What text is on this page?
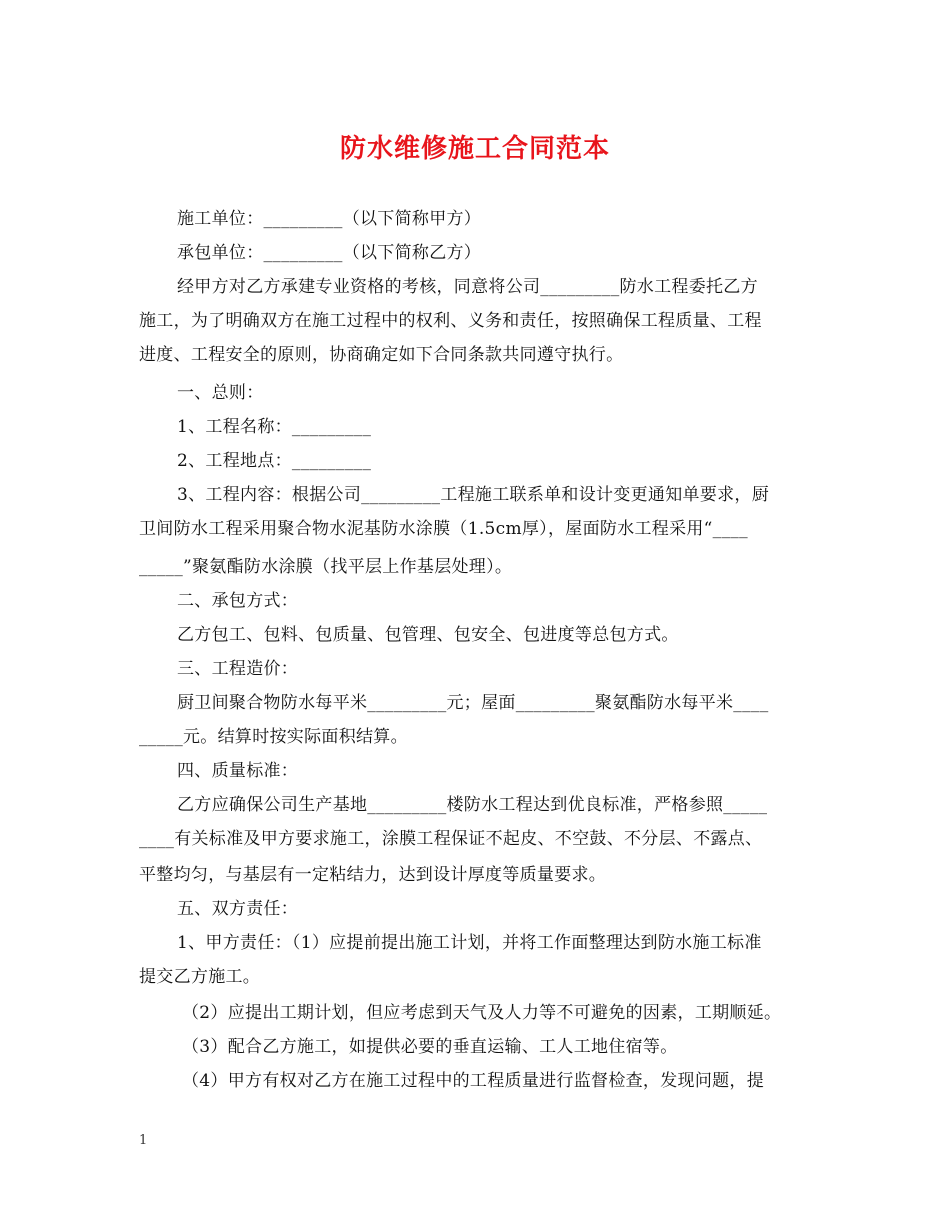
防水维修施工合同范本
施工单位：_________（以下简称甲方）
承包单位：_________（以下简称乙方）
经甲方对乙方承建专业资格的考核，同意将公司_________防水工程委托乙方
施工，为了明确双方在施工过程中的权利、义务和责任，按照确保工程质量、工程
进度、工程安全的原则，协商确定如下合同条款共同遵守执行。
一、总则：
1、工程名称：_________
2、工程地点：_________
3、工程内容：根据公司_________工程施工联系单和设计变更通知单要求，厨
卫间防水工程采用聚合物水泥基防水涂膜（1.5cm厚），屋面防水工程采用“____
_____”聚氨酯防水涂膜（找平层上作基层处理）。
二、承包方式：
乙方包工、包料、包质量、包管理、包安全、包进度等总包方式。
三、工程造价：
厨卫间聚合物防水每平米_________元；屋面_________聚氨酯防水每平米____
_____元。结算时按实际面积结算。
四、质量标准：
乙方应确保公司生产基地_________楼防水工程达到优良标准，严格参照_____
____有关标准及甲方要求施工，涂膜工程保证不起皮、不空鼓、不分层、不露点、
平整均匀，与基层有一定粘结力，达到设计厚度等质量要求。
五、双方责任：
1、甲方责任：（1）应提前提出施工计划，并将工作面整理达到防水施工标准
提交乙方施工。
（2）应提出工期计划，但应考虑到天气及人力等不可避免的因素，工期顺延。
（3）配合乙方施工，如提供必要的垂直运输、工人工地住宿等。
（4）甲方有权对乙方在施工过程中的工程质量进行监督检查，发现问题，提
1
